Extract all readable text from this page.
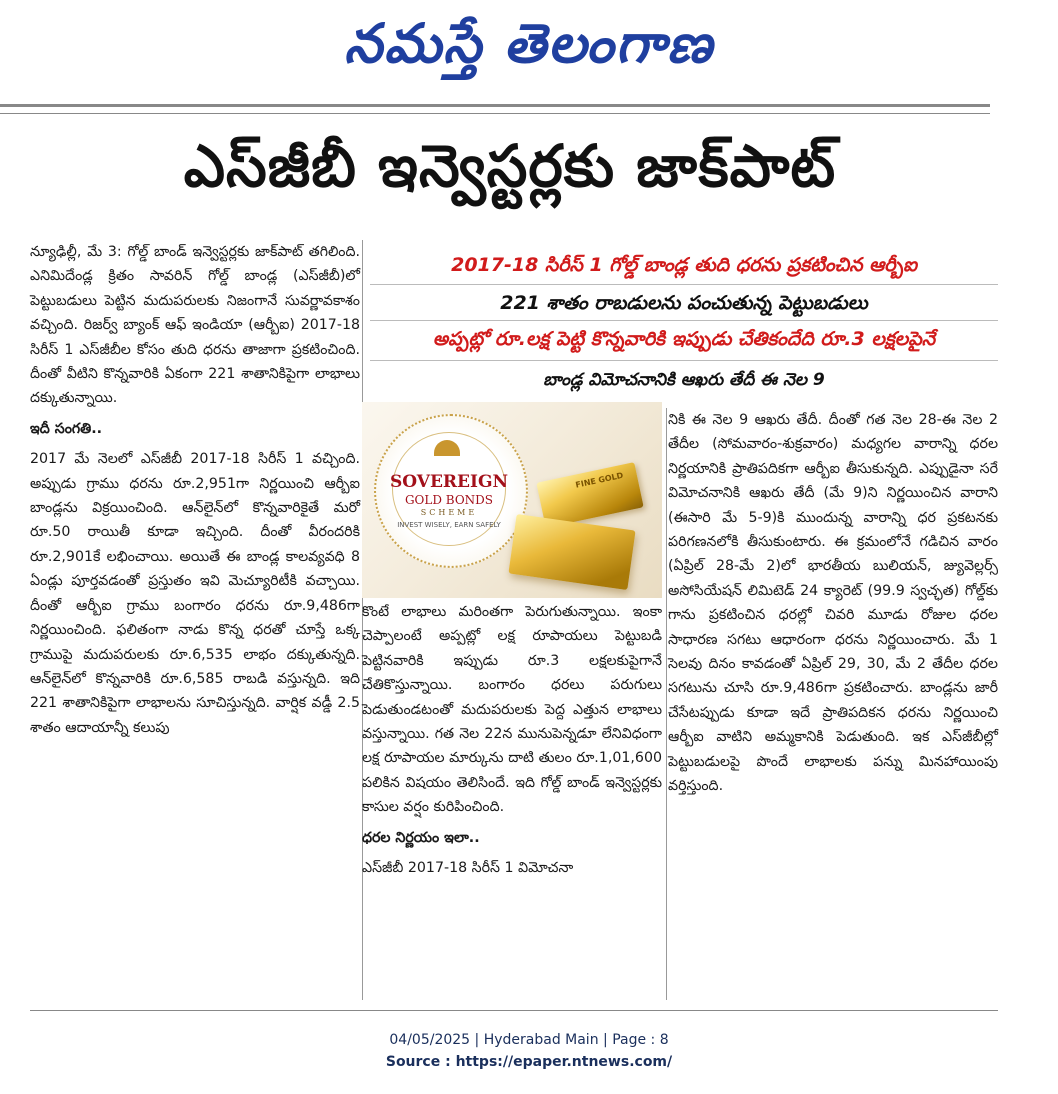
నమస్తే తెలంగాణ
ఎస్‌జీబీ ఇన్వెస్టర్లకు జాక్‌పాట్‌
2017-18 సిరీస్‌ 1 గోల్డ్‌ బాండ్ల తుది ధరను ప్రకటించిన ఆర్బీఐ
221 శాతం రాబడులను పంచుతున్న పెట్టుబడులు
అప్పట్లో రూ.లక్ష పెట్టి కొన్నవారికి ఇప్పుడు చేతికందేది రూ.3 లక్షలపైనే
బాండ్ల విమోచనానికి ఆఖరు తేదీ ఈ నెల 9

న్యూఢిల్లీ, మే 3: గోల్డ్‌ బాండ్‌ ఇన్వెస్టర్లకు జాక్‌పాట్‌ తగిలింది. ఎనిమిదేండ్ల క్రితం సావరిన్‌ గోల్డ్‌ బాండ్ల (ఎస్‌జీబీ)లో పెట్టుబడులు పెట్టిన మదుపరులకు నిజంగానే సువర్ణావకాశం వచ్చింది. రిజర్వ్‌ బ్యాంక్‌ ఆఫ్‌ ఇండియా (ఆర్బీఐ) 2017-18 సిరీస్‌ 1 ఎస్‌జీబీల కోసం తుది ధరను తాజాగా ప్రకటించింది. దీంతో వీటిని కొన్నవారికి ఏకంగా 221 శాతానికిపైగా లాభాలు దక్కుతున్నాయి.

ఇదీ సంగతి..

2017 మే నెలలో ఎస్‌జీబీ 2017-18 సిరీస్‌ 1 వచ్చింది. అప్పుడు గ్రాము ధరను రూ.2,951గా నిర్ణయించి ఆర్బీఐ బాండ్లను విక్రయించింది. ఆన్‌లైన్‌లో కొన్నవారికైతే మరో రూ.50 రాయితీ కూడా ఇచ్చింది. దీంతో వీరందరికి రూ.2,901కే లభించాయి. అయితే ఈ బాండ్ల కాలవ్యవధి 8 ఏండ్లు పూర్తవడంతో ప్రస్తుతం ఇవి మెచ్యూరిటీకి వచ్చాయి. దీంతో ఆర్బీఐ గ్రాము బంగారం ధరను రూ.9,486గా నిర్ణయించింది. ఫలితంగా నాడు కొన్న ధరతో చూస్తే ఒక్క గ్రాముపై మదుపరులకు రూ.6,535 లాభం దక్కుతున్నది. ఆన్‌లైన్‌లో కొన్నవారికి రూ.6,585 రాబడి వస్తున్నది. ఇది 221 శాతానికిపైగా లాభాలను సూచిస్తున్నది. వార్షిక వడ్డీ 2.5 శాతం ఆదాయాన్నీ కలుపు

SOVEREIGN
GOLD BONDS
SCHEME
INVEST WISELY, EARN SAFELY
FINE GOLD

కొంటే లాభాలు మరింతగా పెరుగుతున్నాయి. ఇంకా చెప్పాలంటే అప్పట్లో లక్ష రూపాయలు పెట్టుబడి పెట్టినవారికి ఇప్పుడు రూ.3 లక్షలకుపైగానే చేతికొస్తున్నాయి. బంగారం ధరలు పరుగులు పెడుతుండటంతో మదుపరులకు పెద్ద ఎత్తున లాభాలు వస్తున్నాయి. గత నెల 22న మునుపెన్నడూ లేనివిధంగా లక్ష రూపాయల మార్కును దాటి తులం రూ.1,01,600 పలికిన విషయం తెలిసిందే. ఇది గోల్డ్‌ బాండ్‌ ఇన్వెస్టర్లకు కాసుల వర్షం కురిపించింది.

ధరల నిర్ణయం ఇలా..

ఎస్‌జీబీ 2017-18 సిరీస్‌ 1 విమోచనా

నికి ఈ నెల 9 ఆఖరు తేదీ. దీంతో గత నెల 28-ఈ నెల 2 తేదీల (సోమవారం-శుక్రవారం) మధ్యగల వారాన్ని ధరల నిర్ణయానికి ప్రాతిపదికగా ఆర్బీఐ తీసుకున్నది. ఎప్పుడైనా సరే విమోచనానికి ఆఖరు తేదీ (మే 9)ని నిర్ణయించిన వారాని (ఈసారి మే 5-9)కి ముందున్న వారాన్ని ధర ప్రకటనకు పరిగణనలోకి తీసుకుంటారు. ఈ క్రమంలోనే గడిచిన వారం (ఏప్రిల్‌ 28-మే 2)లో భారతీయ బులియన్‌, జ్యువెల్లర్స్‌ అసోసియేషన్‌ లిమిటెడ్‌ 24 క్యారెట్‌ (99.9 స్వచ్ఛత) గోల్డ్‌కు గాను ప్రకటించిన ధరల్లో చివరి మూడు రోజుల ధరల సాధారణ సగటు ఆధారంగా ధరను నిర్ణయించారు. మే 1 సెలవు దినం కావడంతో ఏప్రిల్‌ 29, 30, మే 2 తేదీల ధరల సగటును చూసి రూ.9,486గా ప్రకటించారు. బాండ్లను జారీ చేసేటప్పుడు కూడా ఇదే ప్రాతిపదికన ధరను నిర్ణయించి ఆర్బీఐ వాటిని అమ్మకానికి పెడుతుంది. ఇక ఎస్‌జీబీల్లో పెట్టుబడులపై పొందే లాభాలకు పన్ను మినహాయింపు వర్తిస్తుంది.

04/05/2025 | Hyderabad Main | Page : 8
Source : https://epaper.ntnews.com/
